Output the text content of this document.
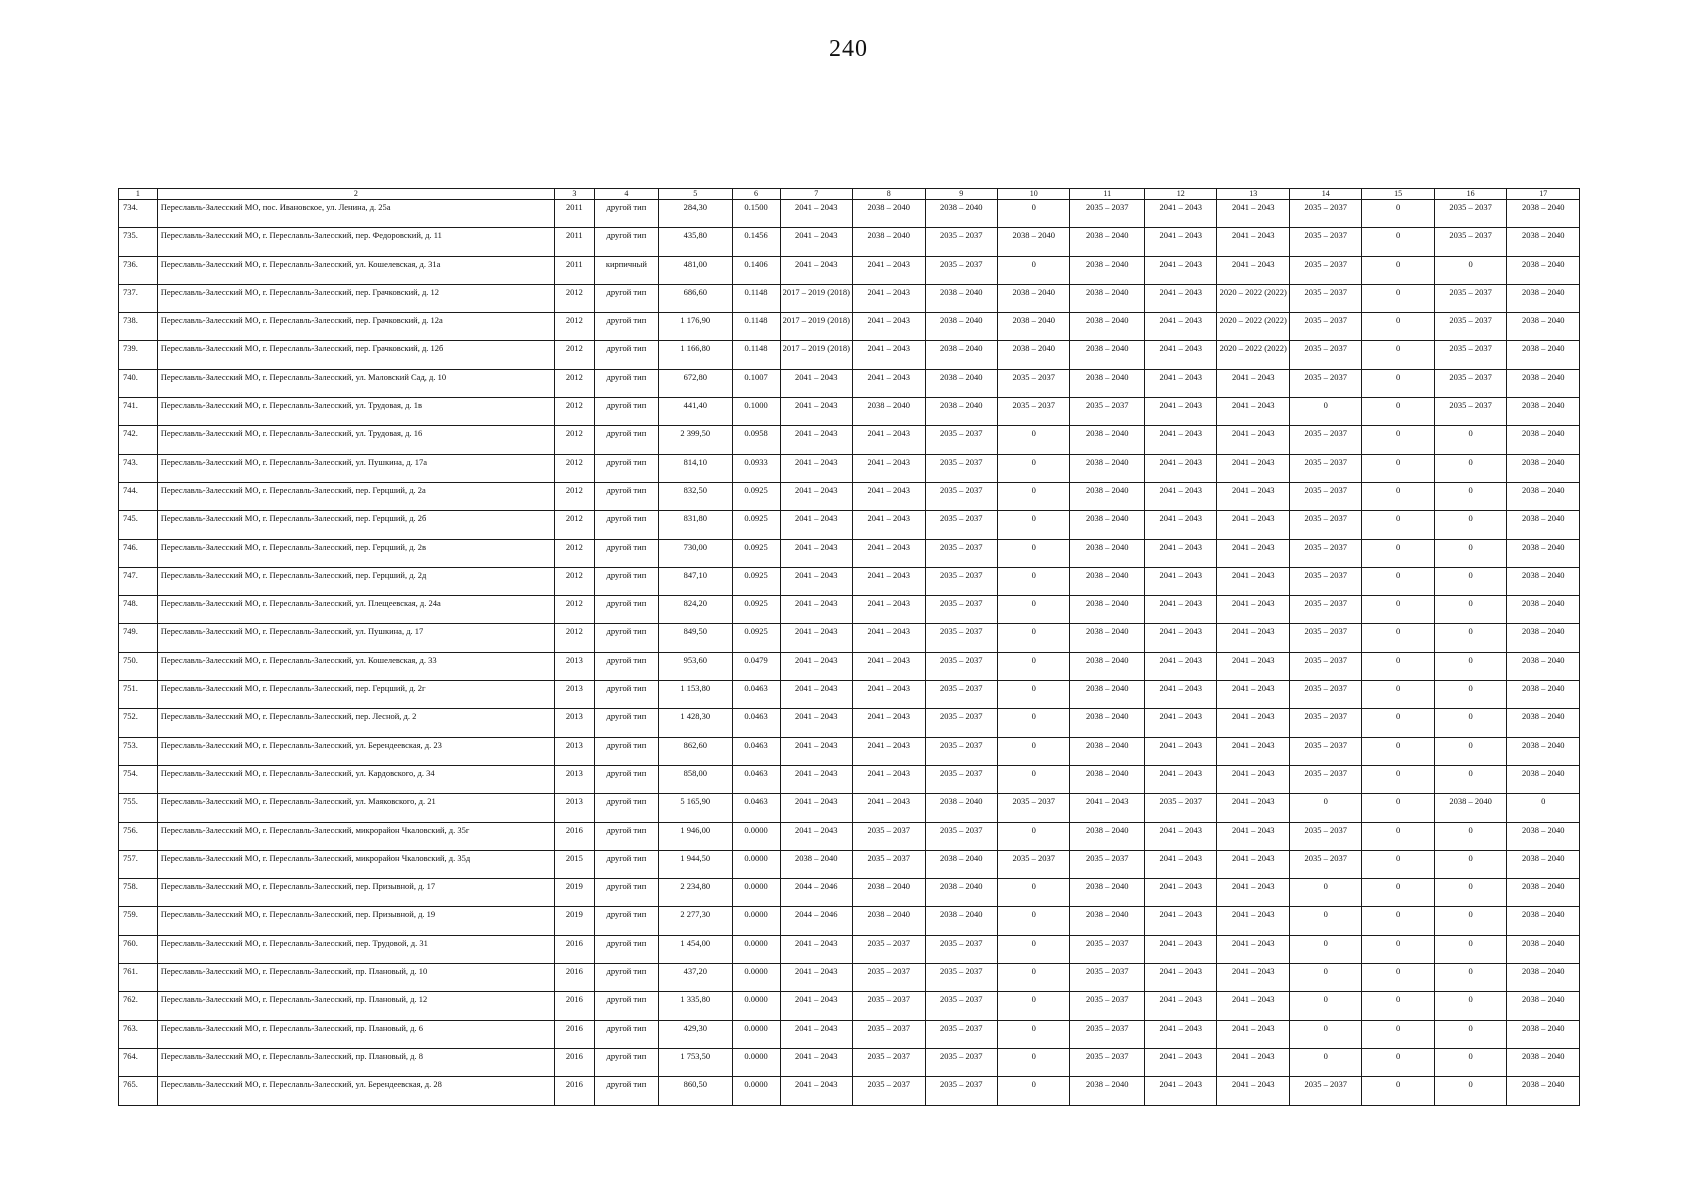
240
1	2	3	4	5	6	7	8	9	10	11	12	13	14	15	16	17
734.	Переславль-Залесский МО, пос. Ивановское, ул. Ленина, д. 25а	2011	другой тип	284,30	0.1500	2041 – 2043	2038 – 2040	2038 – 2040	0	2035 – 2037	2041 – 2043	2041 – 2043	2035 – 2037	0	2035 – 2037	2038 – 2040
735.	Переславль-Залесский МО, г. Переславль-Залесский, пер. Федоровский, д. 11	2011	другой тип	435,80	0.1456	2041 – 2043	2038 – 2040	2035 – 2037	2038 – 2040	2038 – 2040	2041 – 2043	2041 – 2043	2035 – 2037	0	2035 – 2037	2038 – 2040
736.	Переславль-Залесский МО, г. Переславль-Залесский, ул. Кошелевская, д. 31а	2011	кирпичный	481,00	0.1406	2041 – 2043	2041 – 2043	2035 – 2037	0	2038 – 2040	2041 – 2043	2041 – 2043	2035 – 2037	0	0	2038 – 2040
737.	Переславль-Залесский МО, г. Переславль-Залесский, пер. Грачковский, д. 12	2012	другой тип	686,60	0.1148	2017 – 2019 (2018)	2041 – 2043	2038 – 2040	2038 – 2040	2038 – 2040	2041 – 2043	2020 – 2022 (2022)	2035 – 2037	0	2035 – 2037	2038 – 2040
738.	Переславль-Залесский МО, г. Переславль-Залесский, пер. Грачковский, д. 12а	2012	другой тип	1 176,90	0.1148	2017 – 2019 (2018)	2041 – 2043	2038 – 2040	2038 – 2040	2038 – 2040	2041 – 2043	2020 – 2022 (2022)	2035 – 2037	0	2035 – 2037	2038 – 2040
739.	Переславль-Залесский МО, г. Переславль-Залесский, пер. Грачковский, д. 12б	2012	другой тип	1 166,80	0.1148	2017 – 2019 (2018)	2041 – 2043	2038 – 2040	2038 – 2040	2038 – 2040	2041 – 2043	2020 – 2022 (2022)	2035 – 2037	0	2035 – 2037	2038 – 2040
740.	Переславль-Залесский МО, г. Переславль-Залесский, ул. Маловский Сад, д. 10	2012	другой тип	672,80	0.1007	2041 – 2043	2041 – 2043	2038 – 2040	2035 – 2037	2038 – 2040	2041 – 2043	2041 – 2043	2035 – 2037	0	2035 – 2037	2038 – 2040
741.	Переславль-Залесский МО, г. Переславль-Залесский, ул. Трудовая, д. 1в	2012	другой тип	441,40	0.1000	2041 – 2043	2038 – 2040	2038 – 2040	2035 – 2037	2035 – 2037	2041 – 2043	2041 – 2043	0	0	2035 – 2037	2038 – 2040
742.	Переславль-Залесский МО, г. Переславль-Залесский, ул. Трудовая, д. 16	2012	другой тип	2 399,50	0.0958	2041 – 2043	2041 – 2043	2035 – 2037	0	2038 – 2040	2041 – 2043	2041 – 2043	2035 – 2037	0	0	2038 – 2040
743.	Переславль-Залесский МО, г. Переславль-Залесский, ул. Пушкина, д. 17а	2012	другой тип	814,10	0.0933	2041 – 2043	2041 – 2043	2035 – 2037	0	2038 – 2040	2041 – 2043	2041 – 2043	2035 – 2037	0	0	2038 – 2040
744.	Переславль-Залесский МО, г. Переславль-Залесский, пер. Герцший, д. 2а	2012	другой тип	832,50	0.0925	2041 – 2043	2041 – 2043	2035 – 2037	0	2038 – 2040	2041 – 2043	2041 – 2043	2035 – 2037	0	0	2038 – 2040
745.	Переславль-Залесский МО, г. Переславль-Залесский, пер. Герцший, д. 2б	2012	другой тип	831,80	0.0925	2041 – 2043	2041 – 2043	2035 – 2037	0	2038 – 2040	2041 – 2043	2041 – 2043	2035 – 2037	0	0	2038 – 2040
746.	Переславль-Залесский МО, г. Переславль-Залесский, пер. Герцший, д. 2в	2012	другой тип	730,00	0.0925	2041 – 2043	2041 – 2043	2035 – 2037	0	2038 – 2040	2041 – 2043	2041 – 2043	2035 – 2037	0	0	2038 – 2040
747.	Переславль-Залесский МО, г. Переславль-Залесский, пер. Герцший, д. 2д	2012	другой тип	847,10	0.0925	2041 – 2043	2041 – 2043	2035 – 2037	0	2038 – 2040	2041 – 2043	2041 – 2043	2035 – 2037	0	0	2038 – 2040
748.	Переславль-Залесский МО, г. Переславль-Залесский, ул. Плещеевская, д. 24а	2012	другой тип	824,20	0.0925	2041 – 2043	2041 – 2043	2035 – 2037	0	2038 – 2040	2041 – 2043	2041 – 2043	2035 – 2037	0	0	2038 – 2040
749.	Переславль-Залесский МО, г. Переславль-Залесский, ул. Пушкина, д. 17	2012	другой тип	849,50	0.0925	2041 – 2043	2041 – 2043	2035 – 2037	0	2038 – 2040	2041 – 2043	2041 – 2043	2035 – 2037	0	0	2038 – 2040
750.	Переславль-Залесский МО, г. Переславль-Залесский, ул. Кошелевская, д. 33	2013	другой тип	953,60	0.0479	2041 – 2043	2041 – 2043	2035 – 2037	0	2038 – 2040	2041 – 2043	2041 – 2043	2035 – 2037	0	0	2038 – 2040
751.	Переславль-Залесский МО, г. Переславль-Залесский, пер. Герцший, д. 2г	2013	другой тип	1 153,80	0.0463	2041 – 2043	2041 – 2043	2035 – 2037	0	2038 – 2040	2041 – 2043	2041 – 2043	2035 – 2037	0	0	2038 – 2040
752.	Переславль-Залесский МО, г. Переславль-Залесский, пер. Лесной, д. 2	2013	другой тип	1 428,30	0.0463	2041 – 2043	2041 – 2043	2035 – 2037	0	2038 – 2040	2041 – 2043	2041 – 2043	2035 – 2037	0	0	2038 – 2040
753.	Переславль-Залесский МО, г. Переславль-Залесский, ул. Берендеевская, д. 23	2013	другой тип	862,60	0.0463	2041 – 2043	2041 – 2043	2035 – 2037	0	2038 – 2040	2041 – 2043	2041 – 2043	2035 – 2037	0	0	2038 – 2040
754.	Переславль-Залесский МО, г. Переславль-Залесский, ул. Кардовского, д. 34	2013	другой тип	858,00	0.0463	2041 – 2043	2041 – 2043	2035 – 2037	0	2038 – 2040	2041 – 2043	2041 – 2043	2035 – 2037	0	0	2038 – 2040
755.	Переславль-Залесский МО, г. Переславль-Залесский, ул. Маяковского, д. 21	2013	другой тип	5 165,90	0.0463	2041 – 2043	2041 – 2043	2038 – 2040	2035 – 2037	2041 – 2043	2035 – 2037	2041 – 2043	0	0	2038 – 2040	0
756.	Переславль-Залесский МО, г. Переславль-Залесский, микрорайон Чкаловский, д. 35г	2016	другой тип	1 946,00	0.0000	2041 – 2043	2035 – 2037	2035 – 2037	0	2038 – 2040	2041 – 2043	2041 – 2043	2035 – 2037	0	0	2038 – 2040
757.	Переславль-Залесский МО, г. Переславль-Залесский, микрорайон Чкаловский, д. 35д	2015	другой тип	1 944,50	0.0000	2038 – 2040	2035 – 2037	2038 – 2040	2035 – 2037	2035 – 2037	2041 – 2043	2041 – 2043	2035 – 2037	0	0	2038 – 2040
758.	Переславль-Залесский МО, г. Переславль-Залесский, пер. Призывной, д. 17	2019	другой тип	2 234,80	0.0000	2044 – 2046	2038 – 2040	2038 – 2040	0	2038 – 2040	2041 – 2043	2041 – 2043	0	0	0	2038 – 2040
759.	Переславль-Залесский МО, г. Переславль-Залесский, пер. Призывной, д. 19	2019	другой тип	2 277,30	0.0000	2044 – 2046	2038 – 2040	2038 – 2040	0	2038 – 2040	2041 – 2043	2041 – 2043	0	0	0	2038 – 2040
760.	Переславль-Залесский МО, г. Переславль-Залесский, пер. Трудовой, д. 31	2016	другой тип	1 454,00	0.0000	2041 – 2043	2035 – 2037	2035 – 2037	0	2035 – 2037	2041 – 2043	2041 – 2043	0	0	0	2038 – 2040
761.	Переславль-Залесский МО, г. Переславль-Залесский, пр. Плановый, д. 10	2016	другой тип	437,20	0.0000	2041 – 2043	2035 – 2037	2035 – 2037	0	2035 – 2037	2041 – 2043	2041 – 2043	0	0	0	2038 – 2040
762.	Переславль-Залесский МО, г. Переславль-Залесский, пр. Плановый, д. 12	2016	другой тип	1 335,80	0.0000	2041 – 2043	2035 – 2037	2035 – 2037	0	2035 – 2037	2041 – 2043	2041 – 2043	0	0	0	2038 – 2040
763.	Переславль-Залесский МО, г. Переславль-Залесский, пр. Плановый, д. 6	2016	другой тип	429,30	0.0000	2041 – 2043	2035 – 2037	2035 – 2037	0	2035 – 2037	2041 – 2043	2041 – 2043	0	0	0	2038 – 2040
764.	Переславль-Залесский МО, г. Переславль-Залесский, пр. Плановый, д. 8	2016	другой тип	1 753,50	0.0000	2041 – 2043	2035 – 2037	2035 – 2037	0	2035 – 2037	2041 – 2043	2041 – 2043	0	0	0	2038 – 2040
765.	Переславль-Залесский МО, г. Переславль-Залесский, ул. Берендеевская, д. 28	2016	другой тип	860,50	0.0000	2041 – 2043	2035 – 2037	2035 – 2037	0	2038 – 2040	2041 – 2043	2041 – 2043	2035 – 2037	0	0	2038 – 2040
